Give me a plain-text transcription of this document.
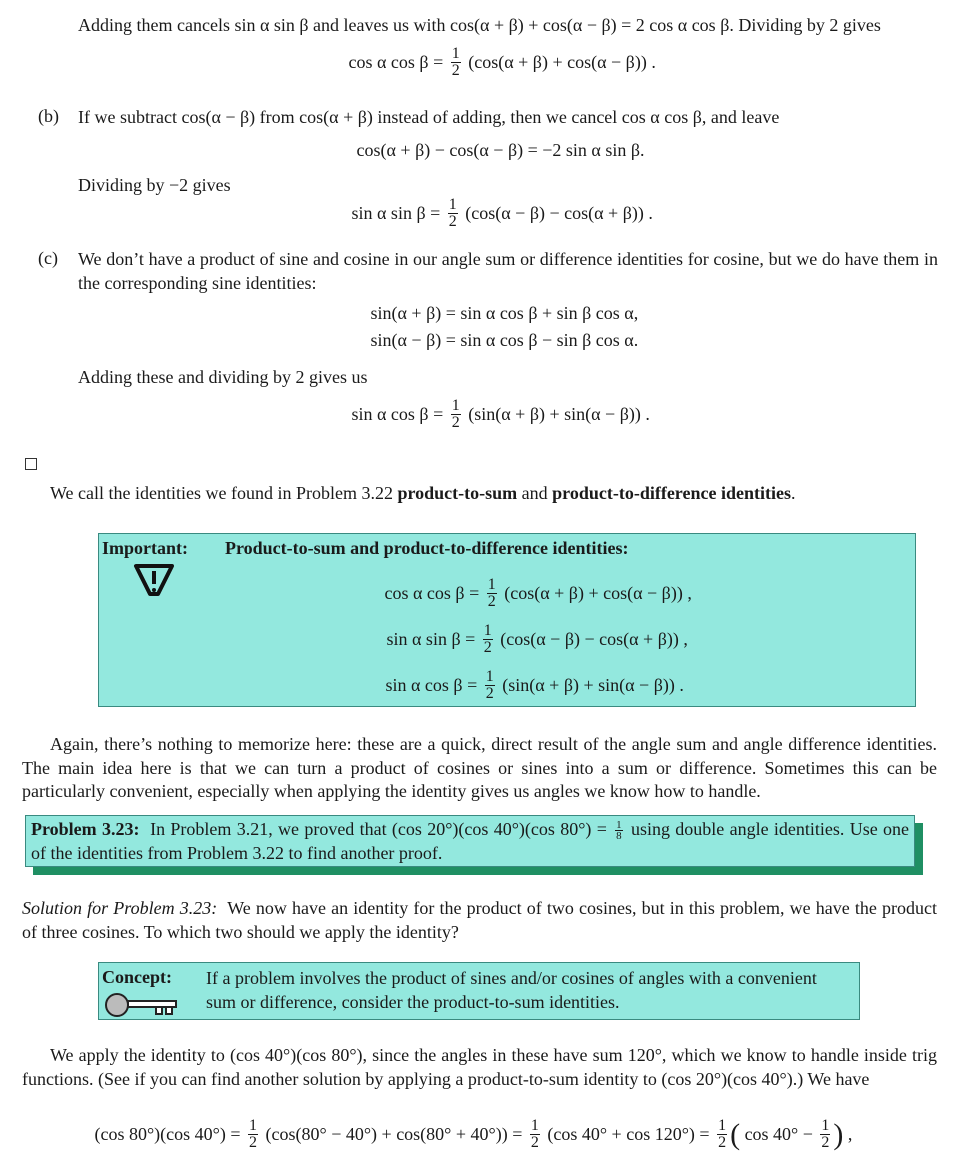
Adding them cancels sin α sin β and leaves us with cos(α + β) + cos(α − β) = 2 cos α cos β. Dividing by 2 gives
cos α $\cos \beta = \frac{1}{2} (\cos(\alpha + \beta) + \cos(\alpha - \beta))$ .
(b) If we subtract cos(α − β) from cos(α + β) instead of adding, then we cancel cos α cos β, and leave
cos(α + β) − cos(α − β) = −2 sin α sin β.
Dividing by −2 gives
sin α $\sin \beta = \frac{1}{2} (\cos(\alpha - \beta) - \cos(\alpha + \beta))$ .
(c) We don’t have a product of sine and cosine in our angle sum or difference identities for cosine, but we do have them in the corresponding sine identities:
sin(α + β) = sin α cos β + sin β cos α,
sin(α − β) = sin α cos β − sin β cos α.
Adding these and dividing by 2 gives us
sin α $\cos \beta = \frac{1}{2} (\sin(\alpha + \beta) + \sin(\alpha - \beta))$ .
We call the identities we found in Problem 3.22 product-to-sum and product-to-difference identities.
Important: Product-to-sum and product-to-difference identities:
cos α $\cos \beta = \frac{1}{2} (\cos(\alpha + \beta) + \cos(\alpha - \beta))$ ,
sin α $\sin \beta = \frac{1}{2} (\cos(\alpha - \beta) - \cos(\alpha + \beta))$ ,
sin α $\cos \beta = \frac{1}{2} (\sin(\alpha + \beta) + \sin(\alpha - \beta))$ .
Again, there’s nothing to memorize here: these are a quick, direct result of the angle sum and angle difference identities. The main idea here is that we can turn a product of cosines or sines into a sum or difference. Sometimes this can be particularly convenient, especially when applying the identity gives us angles we know how to handle.
Problem 3.23: In Problem 3.21, we proved that (cos 20°)(cos 40°)(cos $80^\circ) = \frac{1}{8}$ using double angle identities. Use one of the identities from Problem 3.22 to find another proof.
Solution for Problem 3.23: We now have an identity for the product of two cosines, but in this problem, we have the product of three cosines. To which two should we apply the identity?
Concept: If a problem involves the product of sines and/or cosines of angles with a convenient sum or difference, consider the product-to-sum identities.
We apply the identity to (cos 40°)(cos 80°), since the angles in these have sum 120°, which we know to handle inside trig functions. (See if you can find another solution by applying a product-to-sum identity to (cos 20°)(cos 40°).) We have
(cos 80°)(cos $40^\circ) = \frac{1}{2} (\cos(80^\circ - 40^\circ) + \cos(80^\circ + 40^\circ)) = \frac{1}{2} (\cos$ $40^\circ + \cos 120^\circ) = \frac{1}{2}$ ( $\cos 40^\circ - \frac{1}{2}$ ) ,
